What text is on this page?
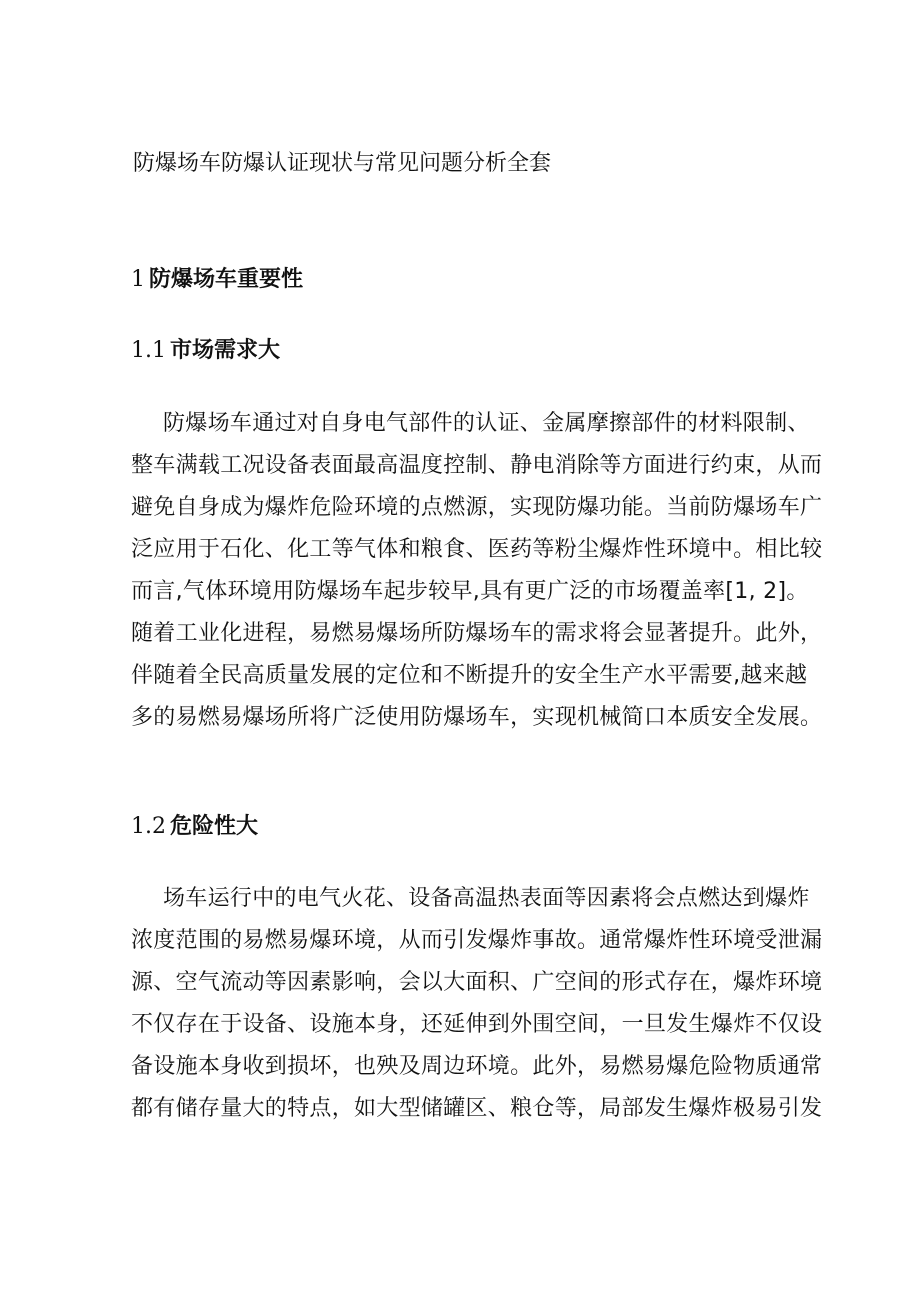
防爆场车防爆认证现状与常见问题分析全套
1 防爆场车重要性
1.1 市场需求大
防爆场车通过对自身电气部件的认证、金属摩擦部件的材料限制、
整车满载工况设备表面最高温度控制、静电消除等方面进行约束，从而
避免自身成为爆炸危险环境的点燃源，实现防爆功能。当前防爆场车广
泛应用于石化、化工等气体和粮食、医药等粉尘爆炸性环境中。相比较
而言,气体环境用防爆场车起步较早,具有更广泛的市场覆盖率[1, 2]。
随着工业化进程，易燃易爆场所防爆场车的需求将会显著提升。此外，
伴随着全民高质量发展的定位和不断提升的安全生产水平需要,越来越
多的易燃易爆场所将广泛使用防爆场车，实现机械简口本质安全发展。
1.2 危险性大
场车运行中的电气火花、设备高温热表面等因素将会点燃达到爆炸
浓度范围的易燃易爆环境，从而引发爆炸事故。通常爆炸性环境受泄漏
源、空气流动等因素影响，会以大面积、广空间的形式存在，爆炸环境
不仅存在于设备、设施本身，还延伸到外围空间，一旦发生爆炸不仅设
备设施本身收到损坏，也殃及周边环境。此外，易燃易爆危险物质通常
都有储存量大的特点，如大型储罐区、粮仓等，局部发生爆炸极易引发
